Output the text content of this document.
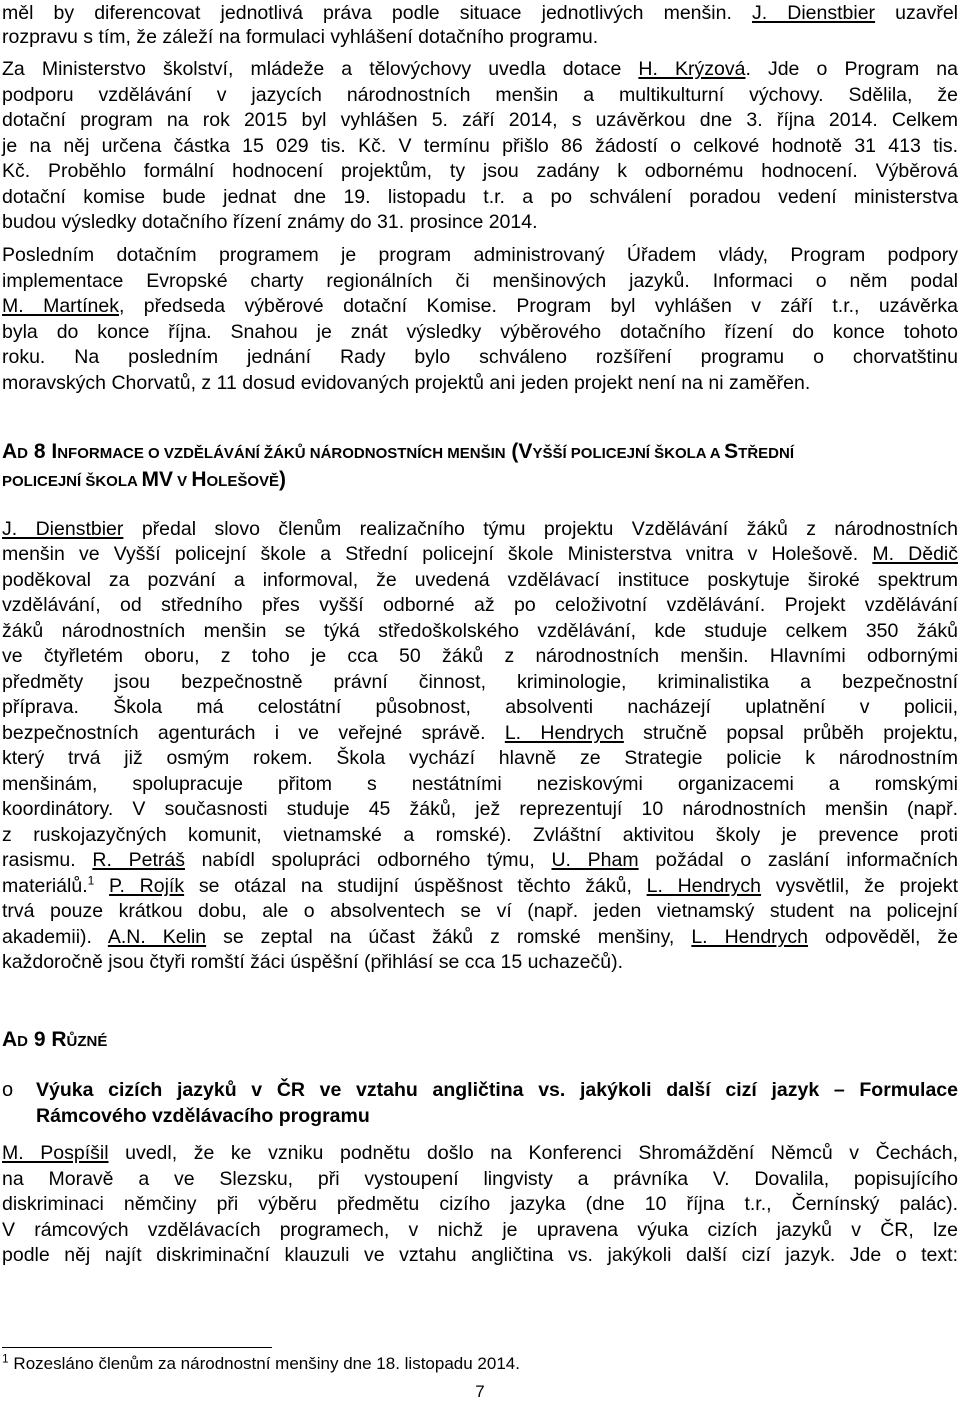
měl by diferencovat jednotlivá práva podle situace jednotlivých menšin. J. Dienstbier uzavřel
rozpravu s tím, že záleží na formulaci vyhlášení dotačního programu.
Za Ministerstvo školství, mládeže a tělovýchovy uvedla dotace H. Krýzová. Jde o Program na
podporu vzdělávání v jazycích národnostních menšin a multikulturní výchovy. Sdělila, že
dotační program na rok 2015 byl vyhlášen 5. září 2014, s uzávěrkou dne 3. října 2014. Celkem
je na něj určena částka 15 029 tis. Kč. V termínu přišlo 86 žádostí o celkové hodnotě 31 413 tis.
Kč. Proběhlo formální hodnocení projektům, ty jsou zadány k odbornému hodnocení. Výběrová
dotační komise bude jednat dne 19. listopadu t.r. a po schválení poradou vedení ministerstva
budou výsledky dotačního řízení známy do 31. prosince 2014.
Posledním dotačním programem je program administrovaný Úřadem vlády, Program podpory
implementace Evropské charty regionálních či menšinových jazyků. Informaci o něm podal
M. Martínek, předseda výběrové dotační Komise. Program byl vyhlášen v září t.r., uzávěrka
byla do konce října. Snahou je znát výsledky výběrového dotačního řízení do konce tohoto
roku. Na posledním jednání Rady bylo schváleno rozšíření programu o chorvatštinu
moravských Chorvatů, z 11 dosud evidovaných projektů ani jeden projekt není na ni zaměřen.
AD 8 INFORMACE O VZDĚLÁVÁNÍ ŽÁKŮ NÁRODNOSTNÍCH MENŠIN (VYŠŠÍ POLICEJNÍ ŠKOLA A STŘEDNÍ
POLICEJNÍ ŠKOLA MV V HOLEŠOVĚ)
J. Dienstbier předal slovo členům realizačního týmu projektu Vzdělávání žáků z národnostních
menšin ve Vyšší policejní škole a Střední policejní škole Ministerstva vnitra v Holešově. M. Dědič
poděkoval za pozvání a informoval, že uvedená vzdělávací instituce poskytuje široké spektrum
vzdělávání, od středního přes vyšší odborné až po celoživotní vzdělávání. Projekt vzdělávání
žáků národnostních menšin se týká středoškolského vzdělávání, kde studuje celkem 350 žáků
ve čtyřletém oboru, z toho je cca 50 žáků z národnostních menšin. Hlavními odbornými
předměty jsou bezpečnostně právní činnost, kriminologie, kriminalistika a bezpečnostní
příprava. Škola má celostátní působnost, absolventi nacházejí uplatnění v policii,
bezpečnostních agenturách i ve veřejné správě. L. Hendrych stručně popsal průběh projektu,
který trvá již osmým rokem. Škola vychází hlavně ze Strategie policie k národnostním
menšinám, spolupracuje přitom s nestátními neziskovými organizacemi a romskými
koordinátory. V současnosti studuje 45 žáků, jež reprezentují 10 národnostních menšin (např.
z ruskojazyčných komunit, vietnamské a romské). Zvláštní aktivitou školy je prevence proti
rasismu. R. Petráš nabídl spolupráci odborného týmu, U. Pham požádal o zaslání informačních
materiálů.$^1$ P. Rojík se otázal na studijní úspěšnost těchto žáků, L. Hendrych vysvětlil, že projekt
trvá pouze krátkou dobu, ale o absolventech se ví (např. jeden vietnamský student na policejní
akademii). A.N. Kelin se zeptal na účast žáků z romské menšiny, L. Hendrych odpověděl, že
každoročně jsou čtyři romští žáci úspěšní (přihlásí se cca 15 uchazečů).
AD 9 RŮZNÉ
o Výuka cizích jazyků v ČR ve vztahu angličtina vs. jakýkoli další cizí jazyk – Formulace
Rámcového vzdělávacího programu
M. Pospíšil uvedl, že ke vzniku podnětu došlo na Konferenci Shromáždění Němců v Čechách,
na Moravě a ve Slezsku, při vystoupení lingvisty a právníka V. Dovalila, popisujícího
diskriminaci němčiny při výběru předmětu cizího jazyka (dne 10 října t.r., Černínský palác).
V rámcových vzdělávacích programech, v nichž je upravena výuka cizích jazyků v ČR, lze
podle něj najít diskriminační klauzuli ve vztahu angličtina vs. jakýkoli další cizí jazyk. Jde o text:
$^1$ Rozesláno členům za národnostní menšiny dne 18. listopadu 2014.
7
